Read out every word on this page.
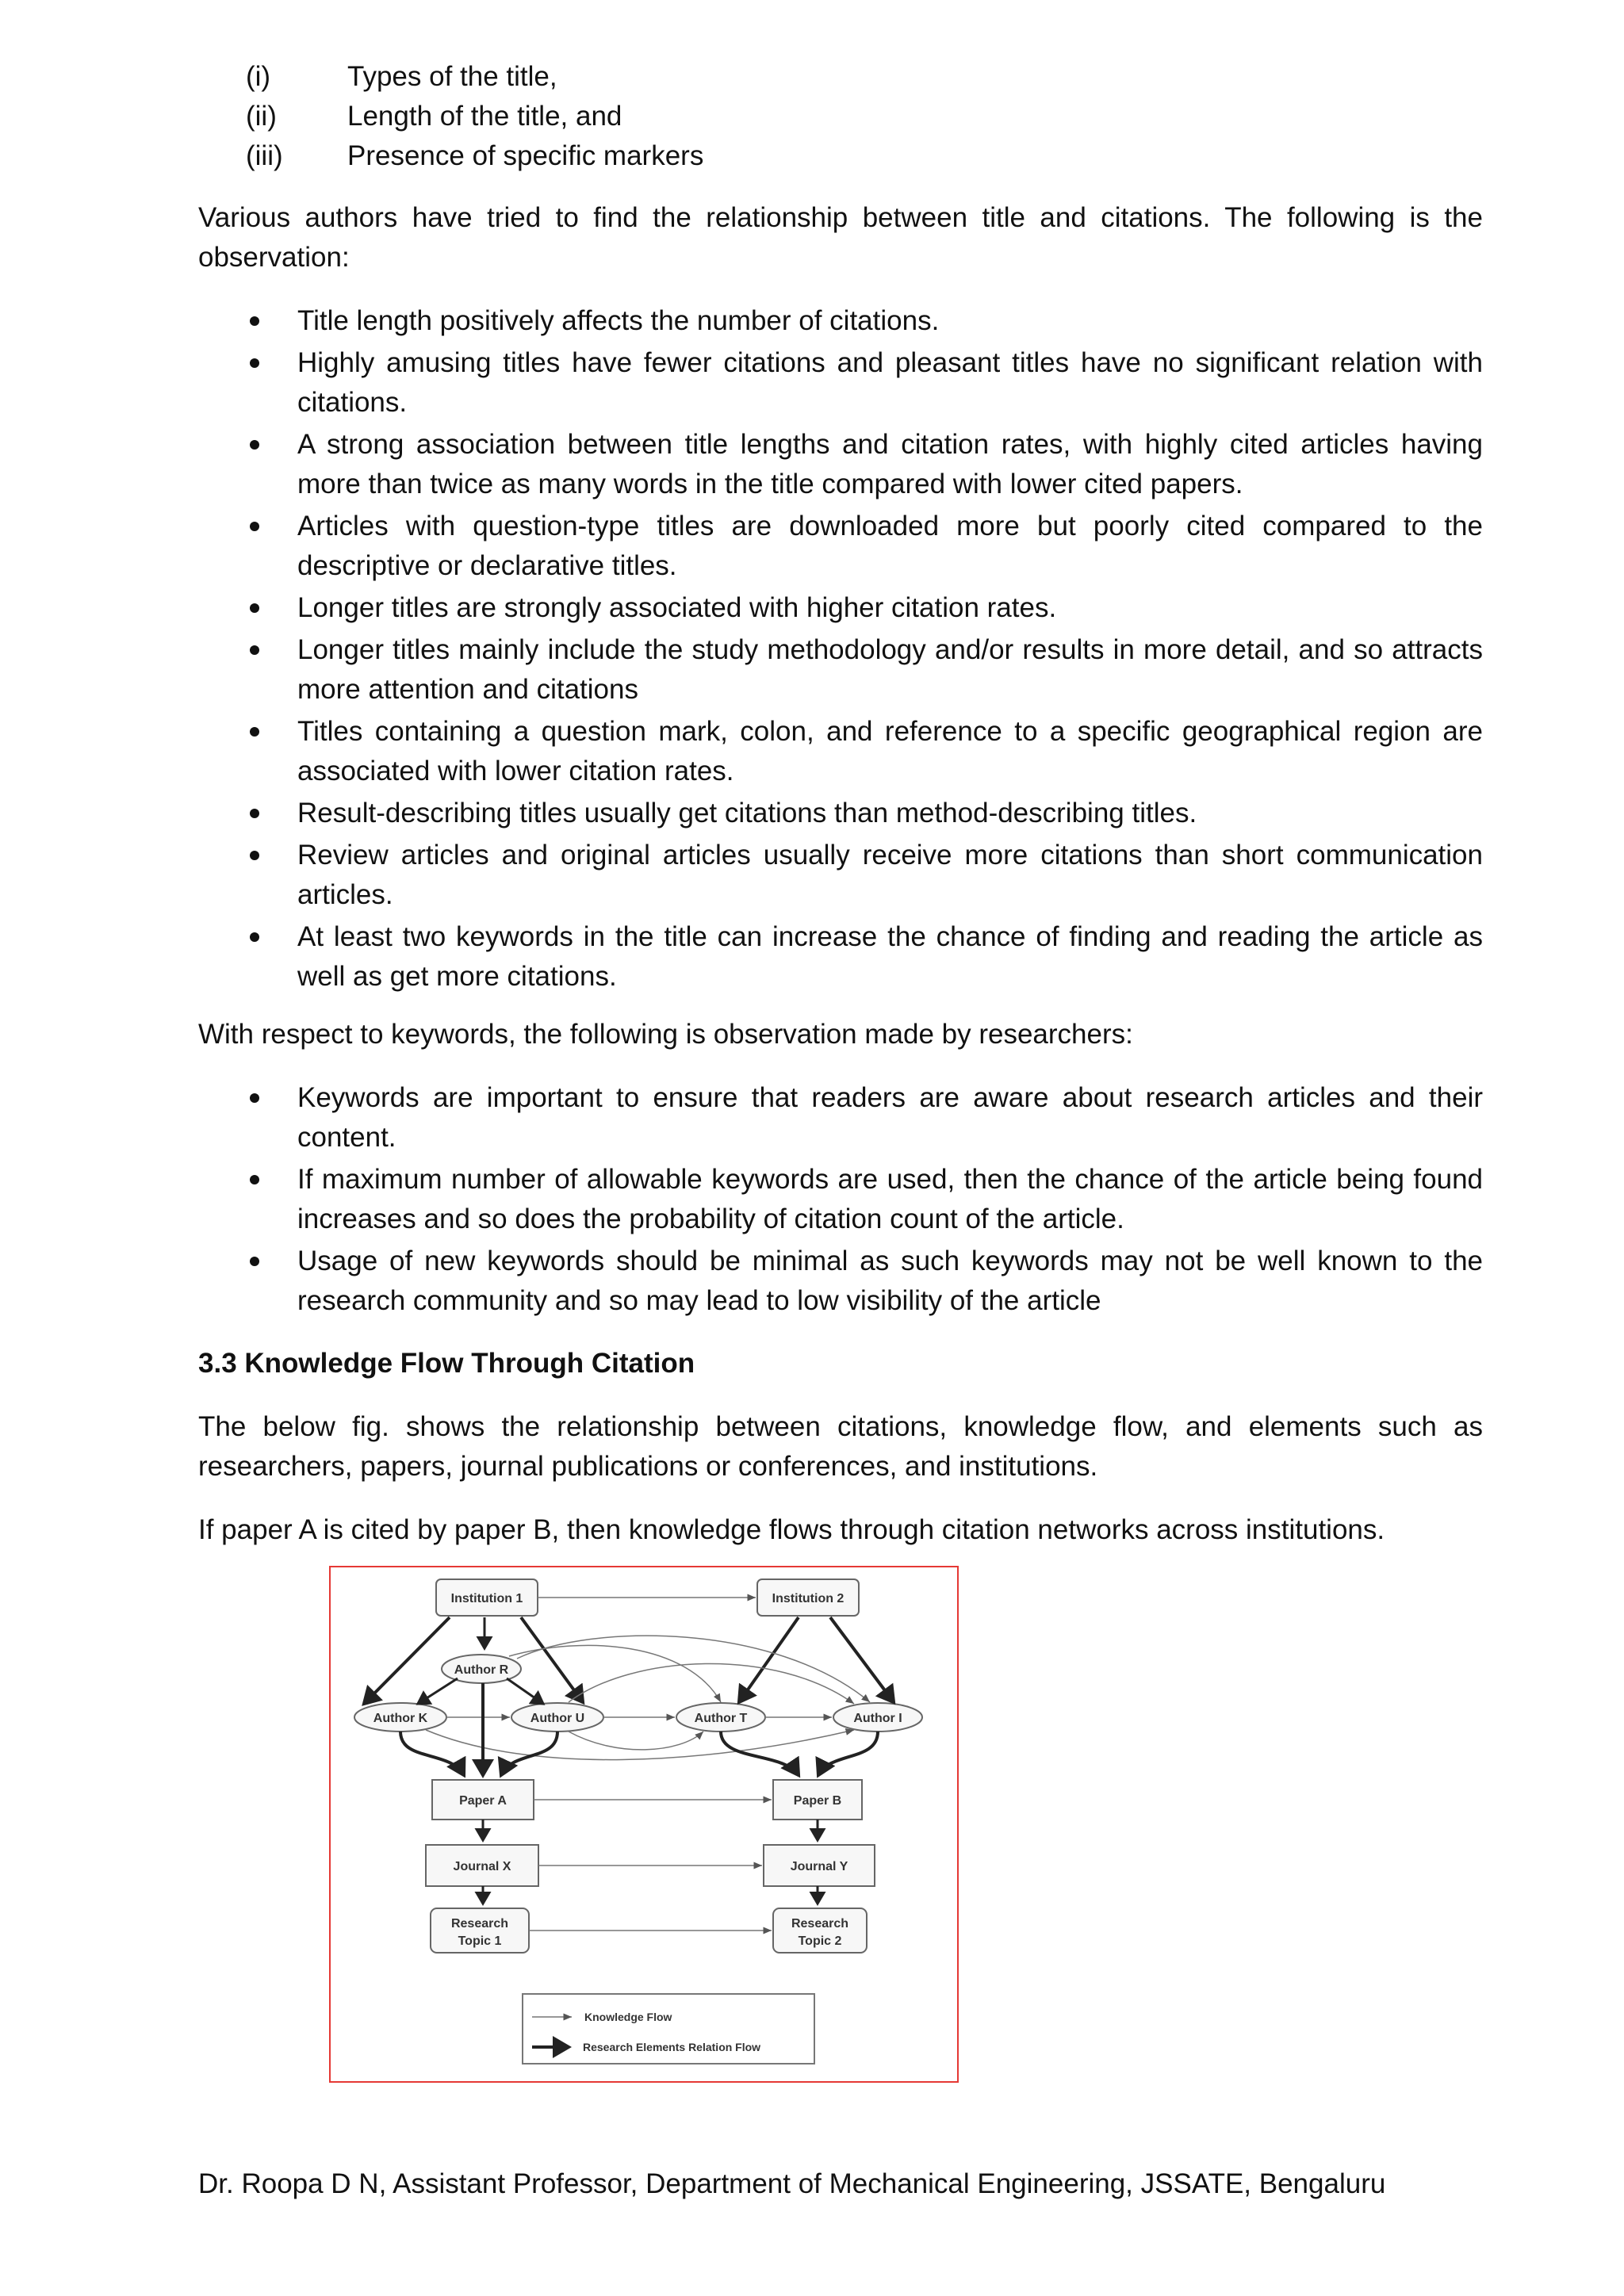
(i)	Types of the title,
(ii)	Length of the title, and
(iii)	Presence of specific markers

Various authors have tried to find the relationship between title and citations. The following is the observation:

Title length positively affects the number of citations.
Highly amusing titles have fewer citations and pleasant titles have no significant relation with citations.
A strong association between title lengths and citation rates, with highly cited articles having more than twice as many words in the title compared with lower cited papers.
Articles with question-type titles are downloaded more but poorly cited compared to the descriptive or declarative titles.
Longer titles are strongly associated with higher citation rates.
Longer titles mainly include the study methodology and/or results in more detail, and so attracts more attention and citations
Titles containing a question mark, colon, and reference to a specific geographical region are associated with lower citation rates.
Result-describing titles usually get citations than method-describing titles.
Review articles and original articles usually receive more citations than short communication articles.
At least two keywords in the title can increase the chance of finding and reading the article as well as get more citations.

With respect to keywords, the following is observation made by researchers:

Keywords are important to ensure that readers are aware about research articles and their content.
If maximum number of allowable keywords are used, then the chance of the article being found increases and so does the probability of citation count of the article.
Usage of new keywords should be minimal as such keywords may not be well known to the research community and so may lead to low visibility of the article
3.3 Knowledge Flow Through Citation

The below fig. shows the relationship between citations, knowledge flow, and elements such as researchers, papers, journal publications or conferences, and institutions.

If paper A is cited by paper B, then knowledge flows through citation networks across institutions.

Dr. Roopa D N, Assistant Professor, Department of Mechanical Engineering, JSSATE, Bengaluru
Institution 1	Institution 2
Author R
Author K	Author U	Author T	Author I
Paper A	Paper B
Journal X	Journal Y
Research
Topic 1
Research
Topic 2
Knowledge Flow
Research Elements Relation Flow
